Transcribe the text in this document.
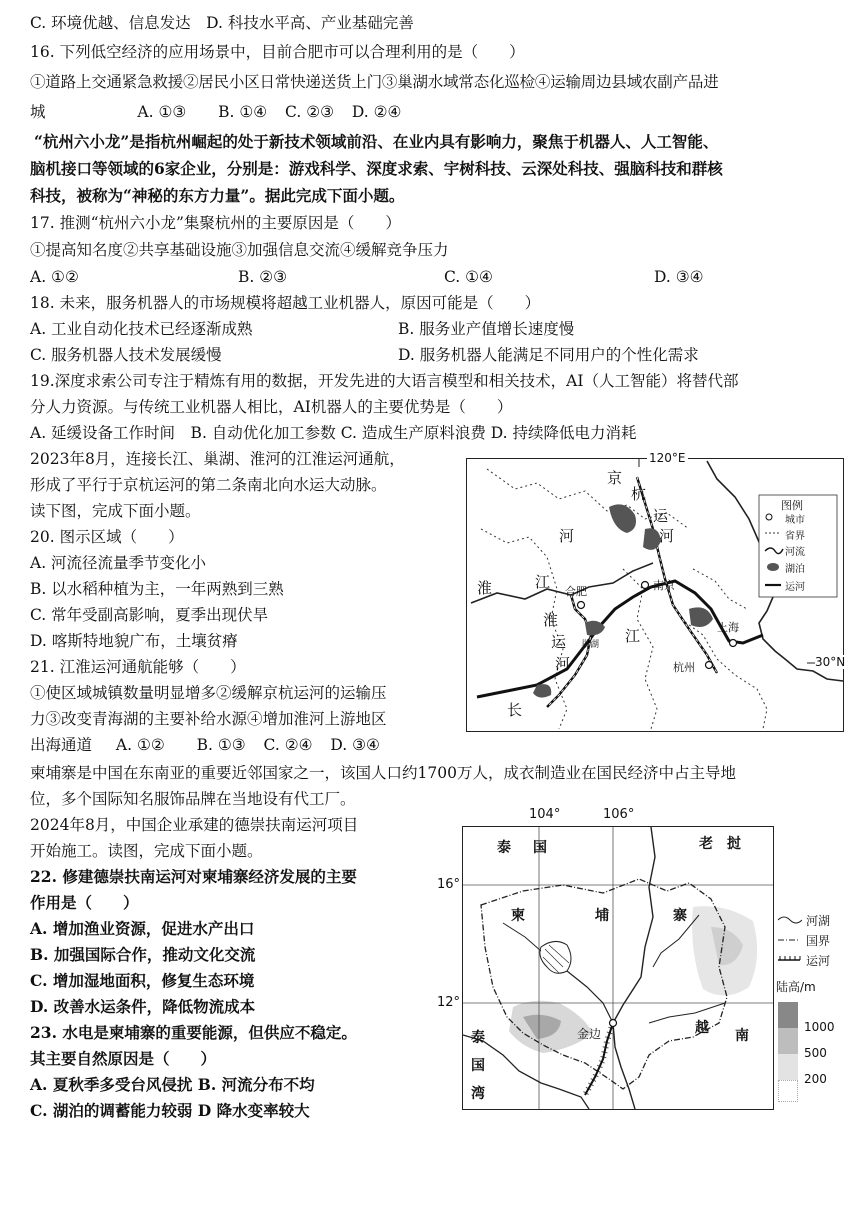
C. 环境优越、信息发达　D. 科技水平高、产业基础完善
16. 下列低空经济的应用场景中，目前合肥市可以合理利用的是（　　）
①道路上交通紧急救援②居民小区日常快递送货上门③巢湖水域常态化巡检④运输周边县域农副产品进
城	A. ①③ B. ①④ C. ②③ D. ②④
“杭州六小龙”是指杭州崛起的处于新技术领域前沿、在业内具有影响力，聚焦于机器人、人工智能、
脑机接口等领域的6家企业，分别是：游戏科学、深度求索、宇树科技、云深处科技、强脑科技和群核
科技，被称为“神秘的东方力量”。据此完成下面小题。
17. 推测“杭州六小龙”集聚杭州的主要原因是（　　）
①提高知名度②共享基础设施③加强信息交流④缓解竞争压力
A. ①②	B. ②③	C. ①④	D. ③④
18. 未来，服务机器人的市场规模将超越工业机器人，原因可能是（　　）
A. 工业自动化技术已经逐渐成熟	B. 服务业产值增长速度慢
C. 服务机器人技术发展缓慢	D. 服务机器人能满足不同用户的个性化需求
19.深度求索公司专注于精炼有用的数据，开发先进的大语言模型和相关技术，AI（人工智能）将替代部
分人力资源。与传统工业机器人相比，AI机器人的主要优势是（　　）
A. 延缓设备工作时间　B. 自动优化加工参数 C. 造成生产原料浪费 D. 持续降低电力消耗
2023年8月，连接长江、巢湖、淮河的江淮运河通航，
形成了平行于京杭运河的第二条南北向水运大动脉。
读下图，完成下面小题。
20. 图示区域（　　）
A. 河流径流量季节变化小
B. 以水稻种植为主，一年两熟到三熟
C. 常年受副高影响，夏季出现伏旱
D. 喀斯特地貌广布，土壤贫瘠
21. 江淮运河通航能够（　　）
①使区域城镇数量明显增多②缓解京杭运河的运输压
力③改变青海湖的主要补给水源④增加淮河上游地区
出海通道 A. ①② B. ①③ C. ②④ D. ③④
柬埔寨是中国在东南亚的重要近邻国家之一，该国人口约1700万人，成衣制造业在国民经济中占主导地
位，多个国际知名服饰品牌在当地设有代工厂。
2024年8月，中国企业承建的德崇扶南运河项目
开始施工。读图，完成下面小题。
22. 修建德崇扶南运河对柬埔寨经济发展的主要
作用是（　　）
A. 增加渔业资源，促进水产出口
B. 加强国际合作，推动文化交流
C. 增加湿地面积，修复生态环境
D. 改善水运条件，降低物流成本
23. 水电是柬埔寨的重要能源，但供应不稳定。
其主要自然原因是（　　）
A. 夏秋季多受台风侵扰 B. 河流分布不均
C. 湖泊的调蓄能力较弱 D 降水变率较大
120°E
30°N
图例
城市
省界
河流
湖泊
运河
京
杭
运
河
河
淮
江
长
江
淮
运
河
合肥	南京
上海
杭州
巢湖
104°	106°
16°
12°
泰 国	老 挝
柬	埔	寨
越 南
泰
国
湾
金边
河湖
国界
运河
陆高/m
1000
500
200
